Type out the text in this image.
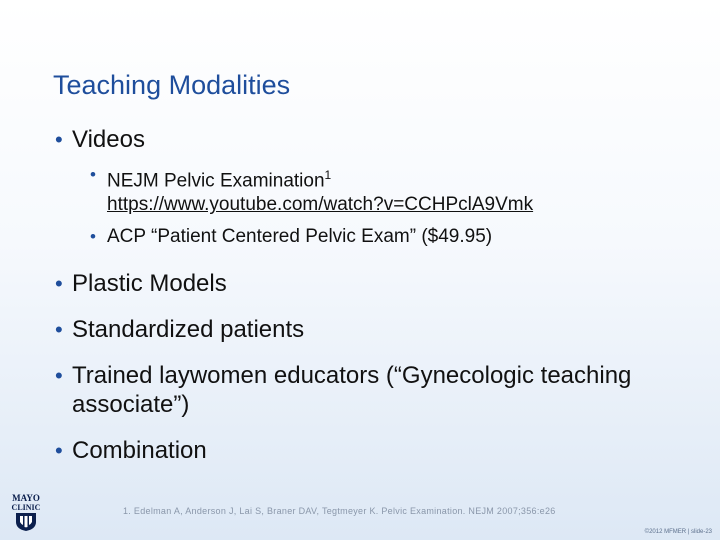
Teaching Modalities
• Videos
• NEJM Pelvic Examination$^1$
https://www.youtube.com/watch?v=CCHPclA9Vmk
• ACP “Patient Centered Pelvic Exam” ($49.95)
• Plastic Models
• Standardized patients
• Trained laywomen educators (“Gynecologic teaching associate”)
• Combination
MAYO
CLINIC	1. Edelman A, Anderson J, Lai S, Braner DAV, Tegtmeyer K. Pelvic Examination. NEJM 2007;356:e26
©2012 MFMER | slide-23
